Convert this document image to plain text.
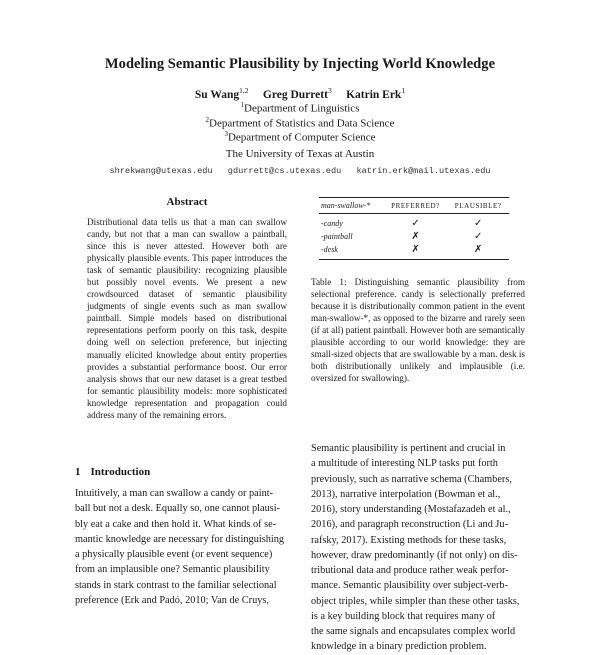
Modeling Semantic Plausibility by Injecting World Knowledge
Su Wang$^{1,2}$ Greg Durrett$^3$ Katrin Erk$^1$
$^1$Department of Linguistics
$^2$Department of Statistics and Data Science
$^3$Department of Computer Science
The University of Texas at Austin
shrekwang@utexas.edu gdurrett@cs.utexas.edu katrin.erk@mail.utexas.edu
Abstract
Distributional data tells us that a man can swallow candy, but not that a man can swallow a paintball, since this is never attested. However both are physically plausible events. This paper introduces the task of semantic plausibility: recognizing plausible but possibly novel events. We present a new crowdsourced dataset of semantic plausibility judgments of single events such as man swallow paintball. Simple models based on distributional representations perform poorly on this task, despite doing well on selection preference, but injecting manually elicited knowledge about entity properties provides a substantial performance boost. Our error analysis shows that our new dataset is a great testbed for semantic plausibility models: more sophisticated knowledge representation and propagation could address many of the remaining errors.
1 Introduction
Intuitively, a man can swallow a candy or paint-
ball but not a desk. Equally so, one cannot plausi-
bly eat a cake and then hold it. What kinds of se-
mantic knowledge are necessary for distinguishing
a physically plausible event (or event sequence)
from an implausible one? Semantic plausibility
stands in stark contrast to the familiar selectional
preference (Erk and Padó, 2010; Van de Cruys,
man-swallow-*	PREFERRED?	PLAUSIBLE?
-candy	✓	✓
-paintball	✗	✓
-desk	✗	✗
Table 1: Distinguishing semantic plausibility from selectional preference. candy is selectionally preferred because it is distributionally common patient in the event man-swallow-*, as opposed to the bizarre and rarely seen (if at all) patient paintball. However both are semantically plausible according to our world knowledge: they are small-sized objects that are swallowable by a man. desk is both distributionally unlikely and implausible (i.e. oversized for swallowing).
Semantic plausibility is pertinent and crucial in
a multitude of interesting NLP tasks put forth
previously, such as narrative schema (Chambers,
2013), narrative interpolation (Bowman et al.,
2016), story understanding (Mostafazadeh et al.,
2016), and paragraph reconstruction (Li and Ju-
rafsky, 2017). Existing methods for these tasks,
however, draw predominantly (if not only) on dis-
tributional data and produce rather weak perfor-
mance. Semantic plausibility over subject-verb-
object triples, while simpler than these other tasks,
is a key building block that requires many of
the same signals and encapsulates complex world
knowledge in a binary prediction problem.
